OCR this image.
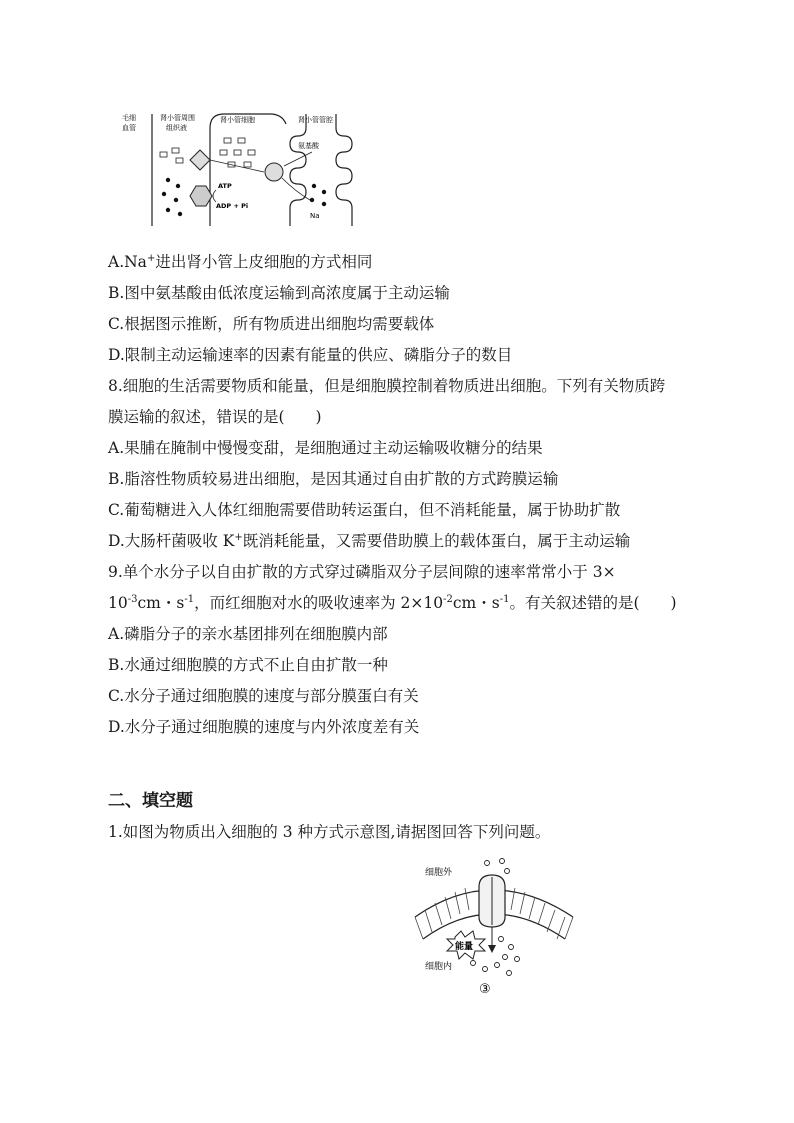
毛细
血管
肾小管周围
组织液
肾小管细胞	肾小管管腔
氨基酸
ATP
ADP + Pi
Na
A.Na+进出肾小管上皮细胞的方式相同
B.图中氨基酸由低浓度运输到高浓度属于主动运输
C.根据图示推断，所有物质进出细胞均需要载体
D.限制主动运输速率的因素有能量的供应、磷脂分子的数目
8.细胞的生活需要物质和能量，但是细胞膜控制着物质进出细胞。下列有关物质跨
膜运输的叙述，错误的是(　　)
A.果脯在腌制中慢慢变甜，是细胞通过主动运输吸收糖分的结果
B.脂溶性物质较易进出细胞，是因其通过自由扩散的方式跨膜运输
C.葡萄糖进入人体红细胞需要借助转运蛋白，但不消耗能量，属于协助扩散
D.大肠杆菌吸收 K+既消耗能量，又需要借助膜上的载体蛋白，属于主动运输
9.单个水分子以自由扩散的方式穿过磷脂双分子层间隙的速率常常小于 3×
$10^{-3}cm$・$s^{-1}$，而红细胞对水的吸收速率为 $2\times 10^{-2}cm$・$s^{-1}$。有关叙述错的是(　　)
A.磷脂分子的亲水基团排列在细胞膜内部
B.水通过细胞膜的方式不止自由扩散一种
C.水分子通过细胞膜的速度与部分膜蛋白有关
D.水分子通过细胞膜的速度与内外浓度差有关
二、填空题
1.如图为物质出入细胞的 3 种方式示意图,请据图回答下列问题。
细胞外
细胞内
能量
③
